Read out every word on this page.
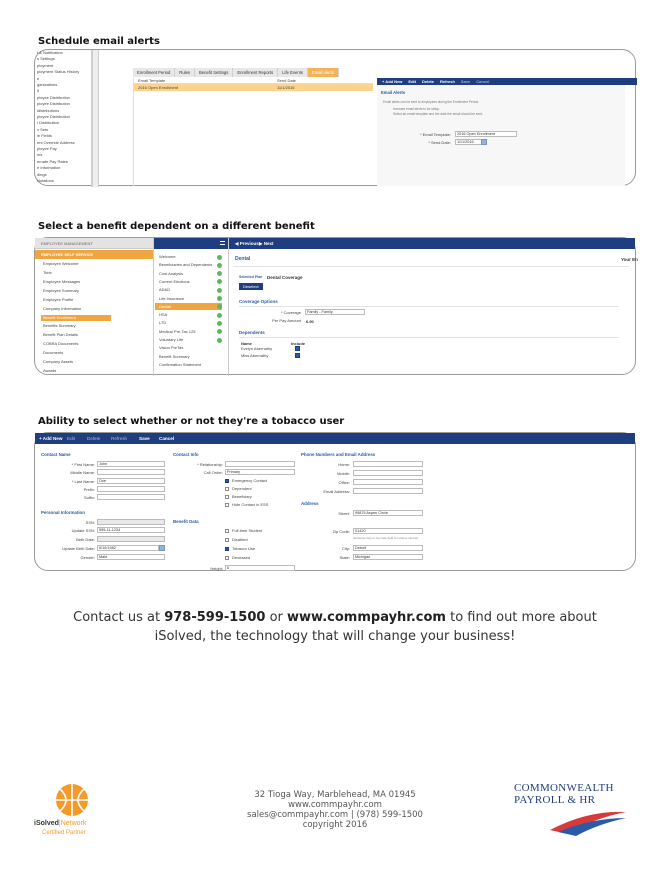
Schedule email alerts
t & Notification
s Settings
ployment
ployment Status History
e
ganizations
Il
ployee Distribution
ployee Distribution
ldistributions
ployee Distribution
l Distribution
x Sets
le Fields
ent Override Address
ployee Pay
ms
ernate Pay Rates
e Information
dings
Notations
Enrollment Period	Rules	Benefit Settings	Enrollment Reports	Life Events	Email Alerts
Email Template	Send Date
2016 Open Enrollment	11/1/2016
+ Add New Edit Delete Refresh Save Cancel
Email Alerts
Email alerts can be sent to employees during the Enrollment Period.
Increase email alerts to be setup.
Select an email template and the date the email should be sent.
* Email Template:	2016 Open Enrollment
* Send Date:	11/1/2016
Select a benefit dependent on a different benefit
EMPLOYEE MANAGEMENT
EMPLOYEE SELF SERVICE
Employee Welcome
Time
Employee Messages
Employee Summary
Employee Profile
Company Information
Benefit Enrollment
Benefits Summary
Benefit Plan Details
COBRA Documents
Documents
Company Assets
Awards
Welcome
Beneficiaries and Dependents
Cost Analysis
Current Elections
AD&D
Life Insurance
Dental
HSA
LTD
Medical Pre-Tax 125
Voluntary Life
Vision PreTax
Benefit Summary
Confirmation Statement
◀ Previous ▶ Next
Dental	Your En
Selected Plan Dental Coverage
Deselect
Coverage Options
* Coverage	Family - Family
Per Pay Amount 6.90
Dependents
Name	Include
Evelyn Abernathy
Miss Abernathy
Ability to select whether or not they're a tobacco user
+ Add New Edit	Delete Refresh	Save Cancel
Contact Name
* First Name:	John
Middle Name:
* Last Name:	Doe
Prefix:
Suffix:
Personal Information
SSN:
Update SSN:	555-11-1234
Birth Date:
Update Birth Date:	6/16/1982
Gender:	Male
Contact Info
* Relationship:
Call Order:	Primary
Emergency Contact
Dependent
Beneficiary
Hide Contact in ESS
Benefit Data
Full-time Student
Disabled
Tobacco Use
Deceased
Height:	6
Phone Numbers and Email Address
Home:
Mobile:
Office:
Email Address:
Address
Street:	99876 Aspen Circle
Zip Code:	01420
(Hit Enter Key in zip code field to retrieve city list)
City:	Detroit
State:	Michigan
Contact us at 978-599-1500 or www.commpayhr.com to find out more about
iSolved, the technology that will change your business!
iSolved|Network
Certified Partner
32 Tioga Way, Marblehead, MA 01945
www.commpayhr.com
sales@commpayhr.com | (978) 599-1500
copyright 2016
COMMONWEALTH
PAYROLL & HR
